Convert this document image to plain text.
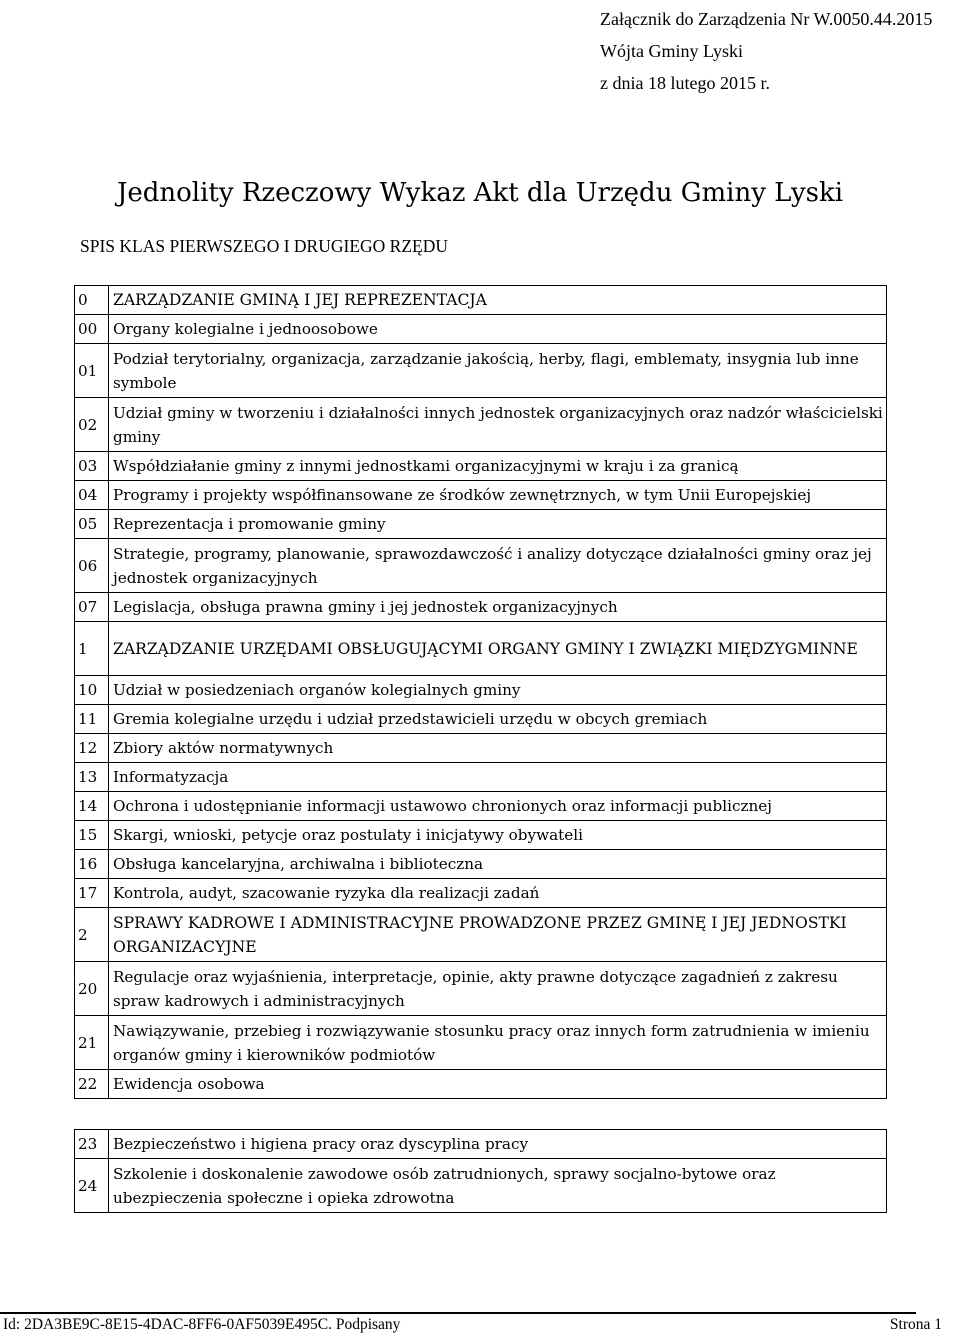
Załącznik do Zarządzenia Nr W.0050.44.2015
Wójta Gminy Lyski
z dnia 18 lutego 2015 r.
Jednolity Rzeczowy Wykaz Akt dla Urzędu Gminy Lyski
SPIS KLAS PIERWSZEGO I DRUGIEGO RZĘDU
0	ZARZĄDZANIE GMINĄ I JEJ REPREZENTACJA
00	Organy kolegialne i jednoosobowe
01	Podział terytorialny, organizacja, zarządzanie jakością, herby, flagi, emblematy, insygnia lub inne symbole
02	Udział gminy w tworzeniu i działalności innych jednostek organizacyjnych oraz nadzór właścicielski gminy
03	Współdziałanie gminy z innymi jednostkami organizacyjnymi w kraju i za granicą
04	Programy i projekty współfinansowane ze środków zewnętrznych, w tym Unii Europejskiej
05	Reprezentacja i promowanie gminy
06	Strategie, programy, planowanie, sprawozdawczość i analizy dotyczące działalności gminy oraz jej jednostek organizacyjnych
07	Legislacja, obsługa prawna gminy i jej jednostek organizacyjnych
1	ZARZĄDZANIE URZĘDAMI OBSŁUGUJĄCYMI ORGANY GMINY I ZWIĄZKI MIĘDZYGMINNE
10	Udział w posiedzeniach organów kolegialnych gminy
11	Gremia kolegialne urzędu i udział przedstawicieli urzędu w obcych gremiach
12	Zbiory aktów normatywnych
13	Informatyzacja
14	Ochrona i udostępnianie informacji ustawowo chronionych oraz informacji publicznej
15	Skargi, wnioski, petycje oraz postulaty i inicjatywy obywateli
16	Obsługa kancelaryjna, archiwalna i biblioteczna
17	Kontrola, audyt, szacowanie ryzyka dla realizacji zadań
2	SPRAWY KADROWE I ADMINISTRACYJNE PROWADZONE PRZEZ GMINĘ I JEJ JEDNOSTKI ORGANIZACYJNE
20	Regulacje oraz wyjaśnienia, interpretacje, opinie, akty prawne dotyczące zagadnień z zakresu spraw kadrowych i administracyjnych
21	Nawiązywanie, przebieg i rozwiązywanie stosunku pracy oraz innych form zatrudnienia w imieniu organów gminy i kierowników podmiotów
22	Ewidencja osobowa
23	Bezpieczeństwo i higiena pracy oraz dyscyplina pracy
24	Szkolenie i doskonalenie zawodowe osób zatrudnionych, sprawy socjalno-bytowe oraz ubezpieczenia społeczne i opieka zdrowotna
Id: 2DA3BE9C-8E15-4DAC-8FF6-0AF5039E495C. Podpisany	Strona 1
